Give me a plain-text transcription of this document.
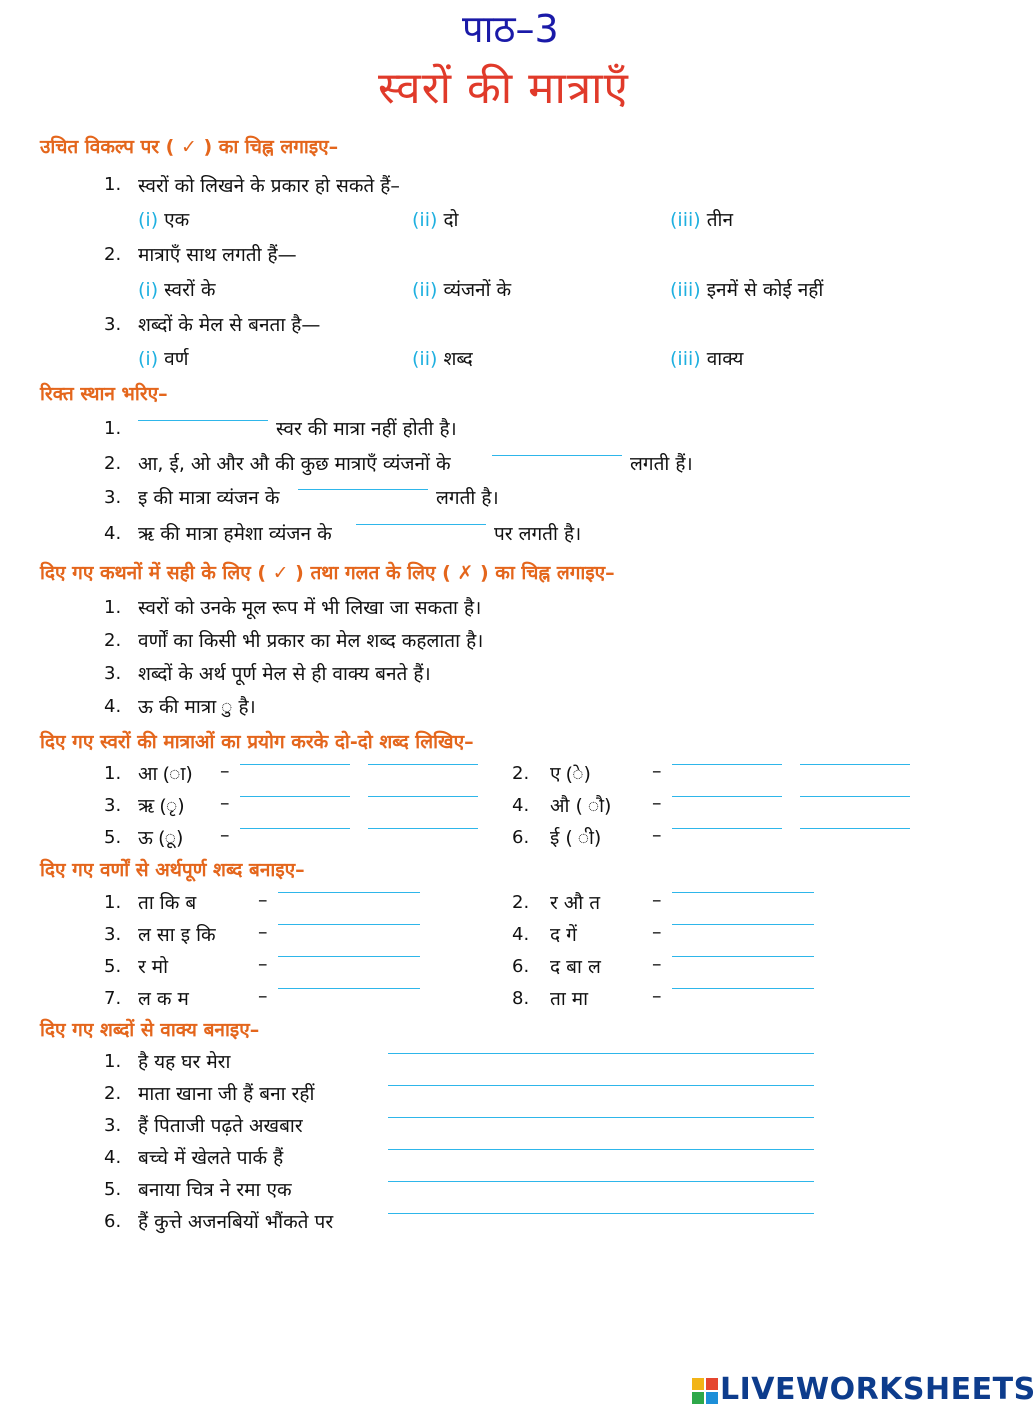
पाठ–3
स्वरों की मात्राएँ
उचित विकल्प पर ( ✓ ) का चिह्न लगाइए–
1. स्वरों को लिखने के प्रकार हो सकते हैं–
(i) एक	(ii) दो	(iii) तीन
2. मात्राएँ साथ लगती हैं—
(i) स्वरों के	(ii) व्यंजनों के	(iii) इनमें से कोई नहीं
3. शब्दों के मेल से बनता है—
(i) वर्ण	(ii) शब्द	(iii) वाक्य
रिक्त स्थान भरिए–
1.	स्वर की मात्रा नहीं होती है।
2. आ, ई, ओ और औ की कुछ मात्राएँ व्यंजनों के	लगती हैं।
3. इ की मात्रा व्यंजन के	लगती है।
4. ऋ की मात्रा हमेशा व्यंजन के	पर लगती है।
दिए गए कथनों में सही के लिए ( ✓ ) तथा गलत के लिए ( ✗ ) का चिह्न लगाइए–
1. स्वरों को उनके मूल रूप में भी लिखा जा सकता है।
2. वर्णों का किसी भी प्रकार का मेल शब्द कहलाता है।
3. शब्दों के अर्थ पूर्ण मेल से ही वाक्य बनते हैं।
4. ऊ की मात्रा ु है।
दिए गए स्वरों की मात्राओं का प्रयोग करके दो-दो शब्द लिखिए–
1. आ (ा) –	2. ए (े)	–
3. ऋ (ृ) –	4. औ ( ौ) –
5. ऊ (ू) –	6. ई ( ी)	–
दिए गए वर्णों से अर्थपूर्ण शब्द बनाइए–
1. ता कि ब	–	2. र औ त	–
3. ल सा इ कि –	4. द गें	–
5. र मो	–	6. द बा ल	–
7. ल क म	–	8. ता मा	–
दिए गए शब्दों से वाक्य बनाइए–
1. है यह घर मेरा
2. माता खाना जी हैं बना रहीं
3. हैं पिताजी पढ़ते अखबार
4. बच्चे में खेलते पार्क हैं
5. बनाया चित्र ने रमा एक
6. हैं कुत्ते अजनबियों भौंकते पर
LIVEWORKSHEETS
